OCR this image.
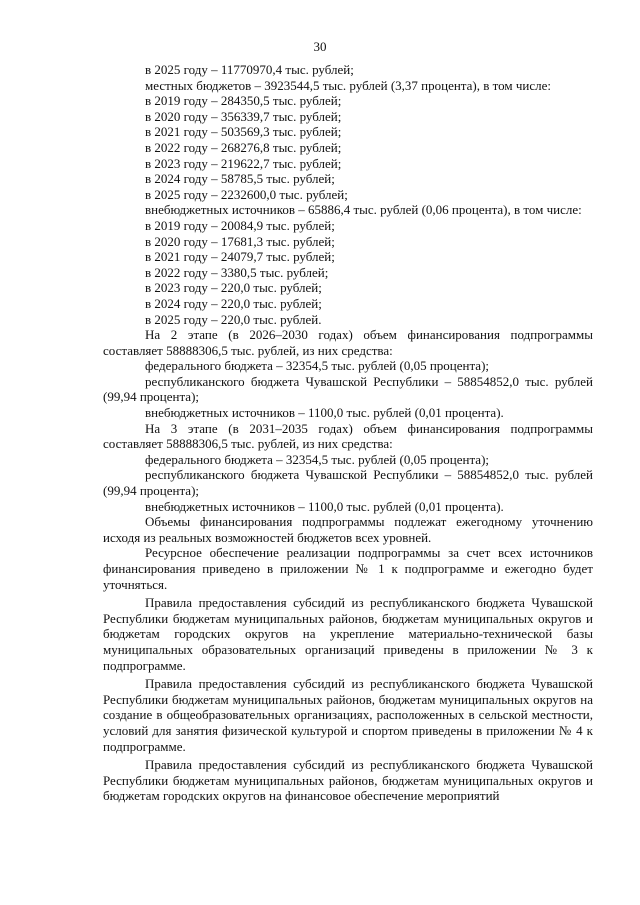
30

в 2025 году – 11770970,4 тыс. рублей;

местных бюджетов – 3923544,5 тыс. рублей (3,37 процента), в том числе:

в 2019 году – 284350,5 тыс. рублей;

в 2020 году – 356339,7 тыс. рублей;

в 2021 году – 503569,3 тыс. рублей;

в 2022 году – 268276,8 тыс. рублей;

в 2023 году – 219622,7 тыс. рублей;

в 2024 году – 58785,5 тыс. рублей;

в 2025 году – 2232600,0 тыс. рублей;

внебюджетных источников – 65886,4 тыс. рублей (0,06 процента), в том числе:

в 2019 году – 20084,9 тыс. рублей;

в 2020 году – 17681,3 тыс. рублей;

в 2021 году – 24079,7 тыс. рублей;

в 2022 году – 3380,5 тыс. рублей;

в 2023 году – 220,0 тыс. рублей;

в 2024 году – 220,0 тыс. рублей;

в 2025 году – 220,0 тыс. рублей.

На 2 этапе (в 2026–2030 годах) объем финансирования подпрограммы составляет 58888306,5 тыс. рублей, из них средства:

федерального бюджета – 32354,5 тыс. рублей (0,05 процента);

республиканского бюджета Чувашской Республики – 58854852,0 тыс. рублей (99,94 процента);

внебюджетных источников – 1100,0 тыс. рублей (0,01 процента).

На 3 этапе (в 2031–2035 годах) объем финансирования подпрограммы составляет 58888306,5 тыс. рублей, из них средства:

федерального бюджета – 32354,5 тыс. рублей (0,05 процента);

республиканского бюджета Чувашской Республики – 58854852,0 тыс. рублей (99,94 процента);

внебюджетных источников – 1100,0 тыс. рублей (0,01 процента).

Объемы финансирования подпрограммы подлежат ежегодному уточнению исходя из реальных возможностей бюджетов всех уровней.

Ресурсное обеспечение реализации подпрограммы за счет всех источников финансирования приведено в приложении № 1 к подпрограмме и ежегодно будет уточняться.

Правила предоставления субсидий из республиканского бюджета Чувашской Республики бюджетам муниципальных районов, бюджетам муниципальных округов и бюджетам городских округов на укрепление материально-технической базы муниципальных образовательных организаций приведены в приложении № 3 к подпрограмме.

Правила предоставления субсидий из республиканского бюджета Чувашской Республики бюджетам муниципальных районов, бюджетам муниципальных округов на создание в общеобразовательных организациях, расположенных в сельской местности, условий для занятия физической культурой и спортом приведены в приложении № 4 к подпрограмме.

Правила предоставления субсидий из республиканского бюджета Чувашской Республики бюджетам муниципальных районов, бюджетам муниципальных округов и бюджетам городских округов на финансовое обеспечение мероприятий
